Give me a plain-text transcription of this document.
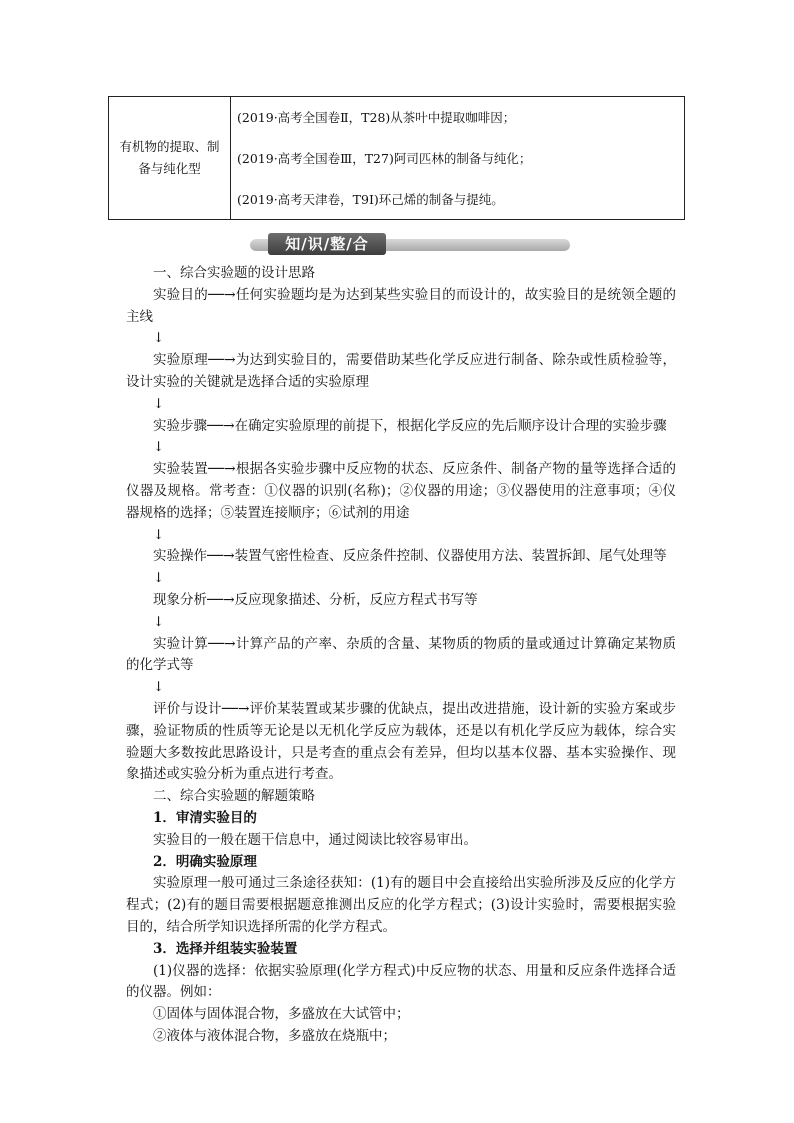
有机物的提取、制备与纯化型
(2019·高考全国卷Ⅱ，T28)从茶叶中提取咖啡因；
(2019·高考全国卷Ⅲ，T27)阿司匹林的制备与纯化；
(2019·高考天津卷，T9Ⅰ)环己烯的制备与提纯。
知/识/整/合

一、综合实验题的设计思路

实验目的──→任何实验题均是为达到某些实验目的而设计的，故实验目的是统领全题的主线

↓

实验原理──→为达到实验目的，需要借助某些化学反应进行制备、除杂或性质检验等，设计实验的关键就是选择合适的实验原理

↓

实验步骤──→在确定实验原理的前提下，根据化学反应的先后顺序设计合理的实验步骤

↓

实验装置──→根据各实验步骤中反应物的状态、反应条件、制备产物的量等选择合适的仪器及规格。常考查：①仪器的识别(名称)；②仪器的用途；③仪器使用的注意事项；④仪器规格的选择；⑤装置连接顺序；⑥试剂的用途

↓

实验操作──→装置气密性检查、反应条件控制、仪器使用方法、装置拆卸、尾气处理等

↓

现象分析──→反应现象描述、分析，反应方程式书写等

↓

实验计算──→计算产品的产率、杂质的含量、某物质的物质的量或通过计算确定某物质的化学式等

↓

评价与设计──→评价某装置或某步骤的优缺点，提出改进措施，设计新的实验方案或步骤，验证物质的性质等无论是以无机化学反应为载体，还是以有机化学反应为载体，综合实验题大多数按此思路设计，只是考查的重点会有差异，但均以基本仪器、基本实验操作、现象描述或实验分析为重点进行考查。

二、综合实验题的解题策略

1．审清实验目的

实验目的一般在题干信息中，通过阅读比较容易审出。

2．明确实验原理

实验原理一般可通过三条途径获知：(1)有的题目中会直接给出实验所涉及反应的化学方程式；(2)有的题目需要根据题意推测出反应的化学方程式；(3)设计实验时，需要根据实验目的，结合所学知识选择所需的化学方程式。

3．选择并组装实验装置

(1)仪器的选择：依据实验原理(化学方程式)中反应物的状态、用量和反应条件选择合适的仪器。例如：

①固体与固体混合物，多盛放在大试管中；

②液体与液体混合物，多盛放在烧瓶中；
